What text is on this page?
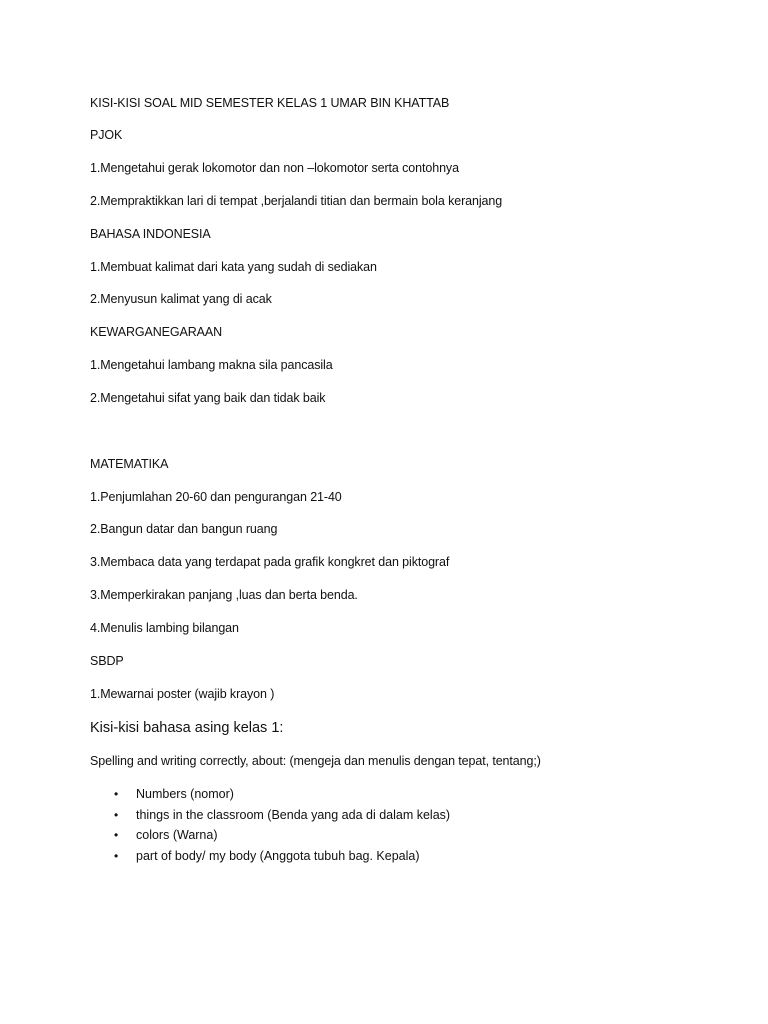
KISI-KISI SOAL MID SEMESTER KELAS 1 UMAR BIN KHATTAB
PJOK
1.Mengetahui gerak lokomotor dan non –lokomotor serta contohnya
2.Mempraktikkan lari di tempat ,berjalandi titian dan bermain bola keranjang
BAHASA INDONESIA
1.Membuat kalimat dari kata yang sudah di sediakan
2.Menyusun kalimat yang di acak
KEWARGANEGARAAN
1.Mengetahui lambang makna sila pancasila
2.Mengetahui sifat yang baik dan tidak baik
MATEMATIKA
1.Penjumlahan 20-60 dan pengurangan 21-40
2.Bangun datar dan bangun ruang
3.Membaca data yang terdapat pada grafik kongkret dan piktograf
3.Memperkirakan panjang ,luas dan berta benda.
4.Menulis lambing bilangan
SBDP
1.Mewarnai poster (wajib krayon )
Kisi-kisi bahasa asing kelas 1:
Spelling and writing correctly, about: (mengeja dan menulis dengan tepat, tentang;)
• Numbers (nomor)
• things in the classroom (Benda yang ada di dalam kelas)
• colors (Warna)
• part of body/ my body (Anggota tubuh bag. Kepala)
